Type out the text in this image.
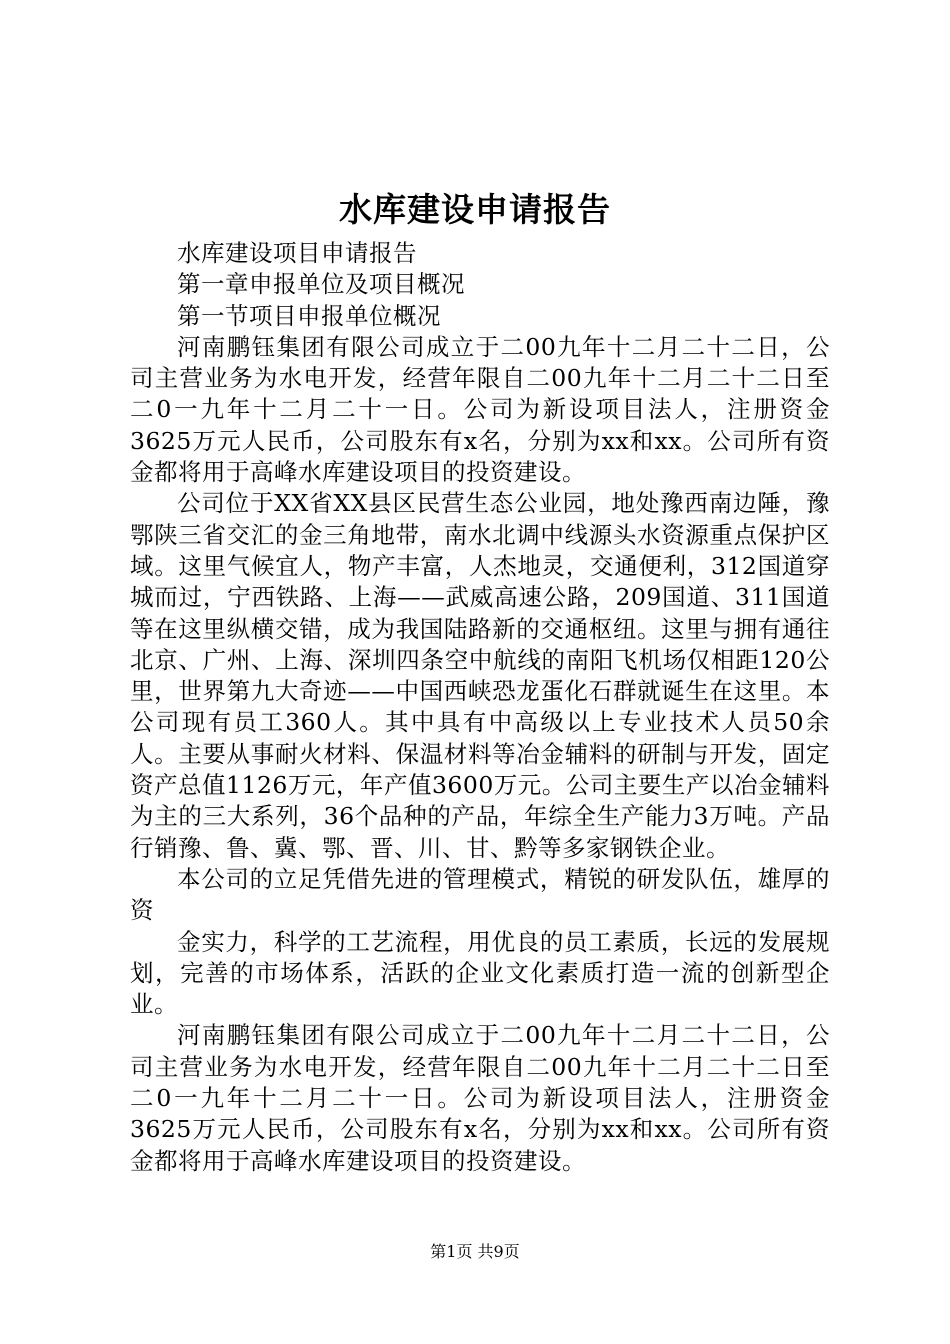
水库建设申请报告

水库建设项目申请报告

第一章申报单位及项目概况

第一节项目申报单位概况

河南鹏钰集团有限公司成立于二00九年十二月二十二日，公司主营业务为水电开发，经营年限自二00九年十二月二十二日至二0一九年十二月二十一日。公司为新设项目法人，注册资金3625万元人民币，公司股东有x名，分别为xx和xx。公司所有资金都将用于高峰水库建设项目的投资建设。

公司位于XX省XX县区民营生态公业园，地处豫西南边陲，豫鄂陕三省交汇的金三角地带，南水北调中线源头水资源重点保护区域。这里气候宜人，物产丰富，人杰地灵，交通便利，312国道穿城而过，宁西铁路、上海——武威高速公路，209国道、311国道等在这里纵横交错，成为我国陆路新的交通枢纽。这里与拥有通往北京、广州、上海、深圳四条空中航线的南阳飞机场仅相距120公里，世界第九大奇迹——中国西峡恐龙蛋化石群就诞生在这里。本公司现有员工360人。其中具有中高级以上专业技术人员50余人。主要从事耐火材料、保温材料等冶金辅料的研制与开发，固定资产总值1126万元，年产值3600万元。公司主要生产以冶金辅料为主的三大系列，36个品种的产品，年综全生产能力3万吨。产品行销豫、鲁、冀、鄂、晋、川、甘、黔等多家钢铁企业。

本公司的立足凭借先进的管理模式，精锐的研发队伍，雄厚的资

金实力，科学的工艺流程，用优良的员工素质，长远的发展规划，完善的市场体系，活跃的企业文化素质打造一流的创新型企业。

河南鹏钰集团有限公司成立于二00九年十二月二十二日，公司主营业务为水电开发，经营年限自二00九年十二月二十二日至二0一九年十二月二十一日。公司为新设项目法人，注册资金3625万元人民币，公司股东有x名，分别为xx和xx。公司所有资金都将用于高峰水库建设项目的投资建设。

第1页 共9页
